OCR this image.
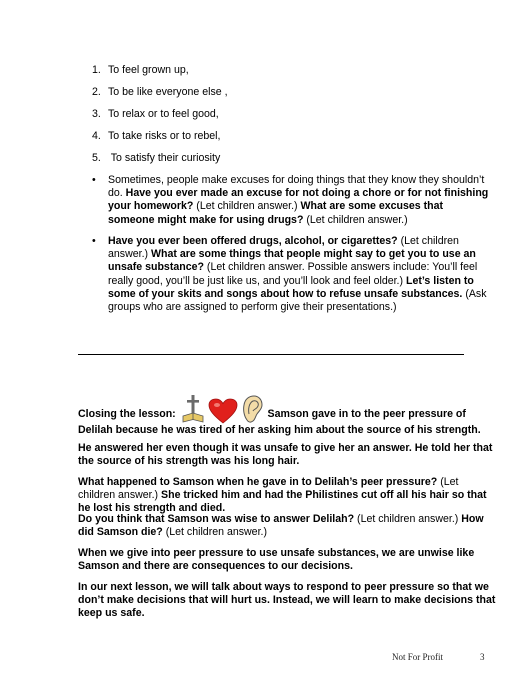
1. To feel grown up,
2. To be like everyone else ,
3. To relax or to feel good,
4. To take risks or to rebel,
5. To satisfy their curiosity
• Sometimes, people make excuses for doing things that they know they shouldn’t do. Have you ever made an excuse for not doing a chore or for not finishing your homework? (Let children answer.) What are some excuses that someone might make for using drugs? (Let children answer.)
• Have you ever been offered drugs, alcohol, or cigarettes? (Let children answer.) What are some things that people might say to get you to use an unsafe substance? (Let children answer. Possible answers include: You’ll feel really good, you’ll be just like us, and you’ll look and feel older.) Let’s listen to some of your skits and songs about how to refuse unsafe substances. (Ask groups who are assigned to perform give their presentations.)
Closing the lesson:	Samson gave in to the peer pressure of Delilah because he was tired of her asking him about the source of his strength.
He answered her even though it was unsafe to give her an answer. He told her that the source of his strength was his long hair.
What happened to Samson when he gave in to Delilah’s peer pressure? (Let children answer.) She tricked him and had the Philistines cut off all his hair so that he lost his strength and died.
Do you think that Samson was wise to answer Delilah? (Let children answer.) How did Samson die? (Let children answer.)
When we give into peer pressure to use unsafe substances, we are unwise like Samson and there are consequences to our decisions.
In our next lesson, we will talk about ways to respond to peer pressure so that we don’t make decisions that will hurt us. Instead, we will learn to make decisions that keep us safe.
Not For Profit	3
